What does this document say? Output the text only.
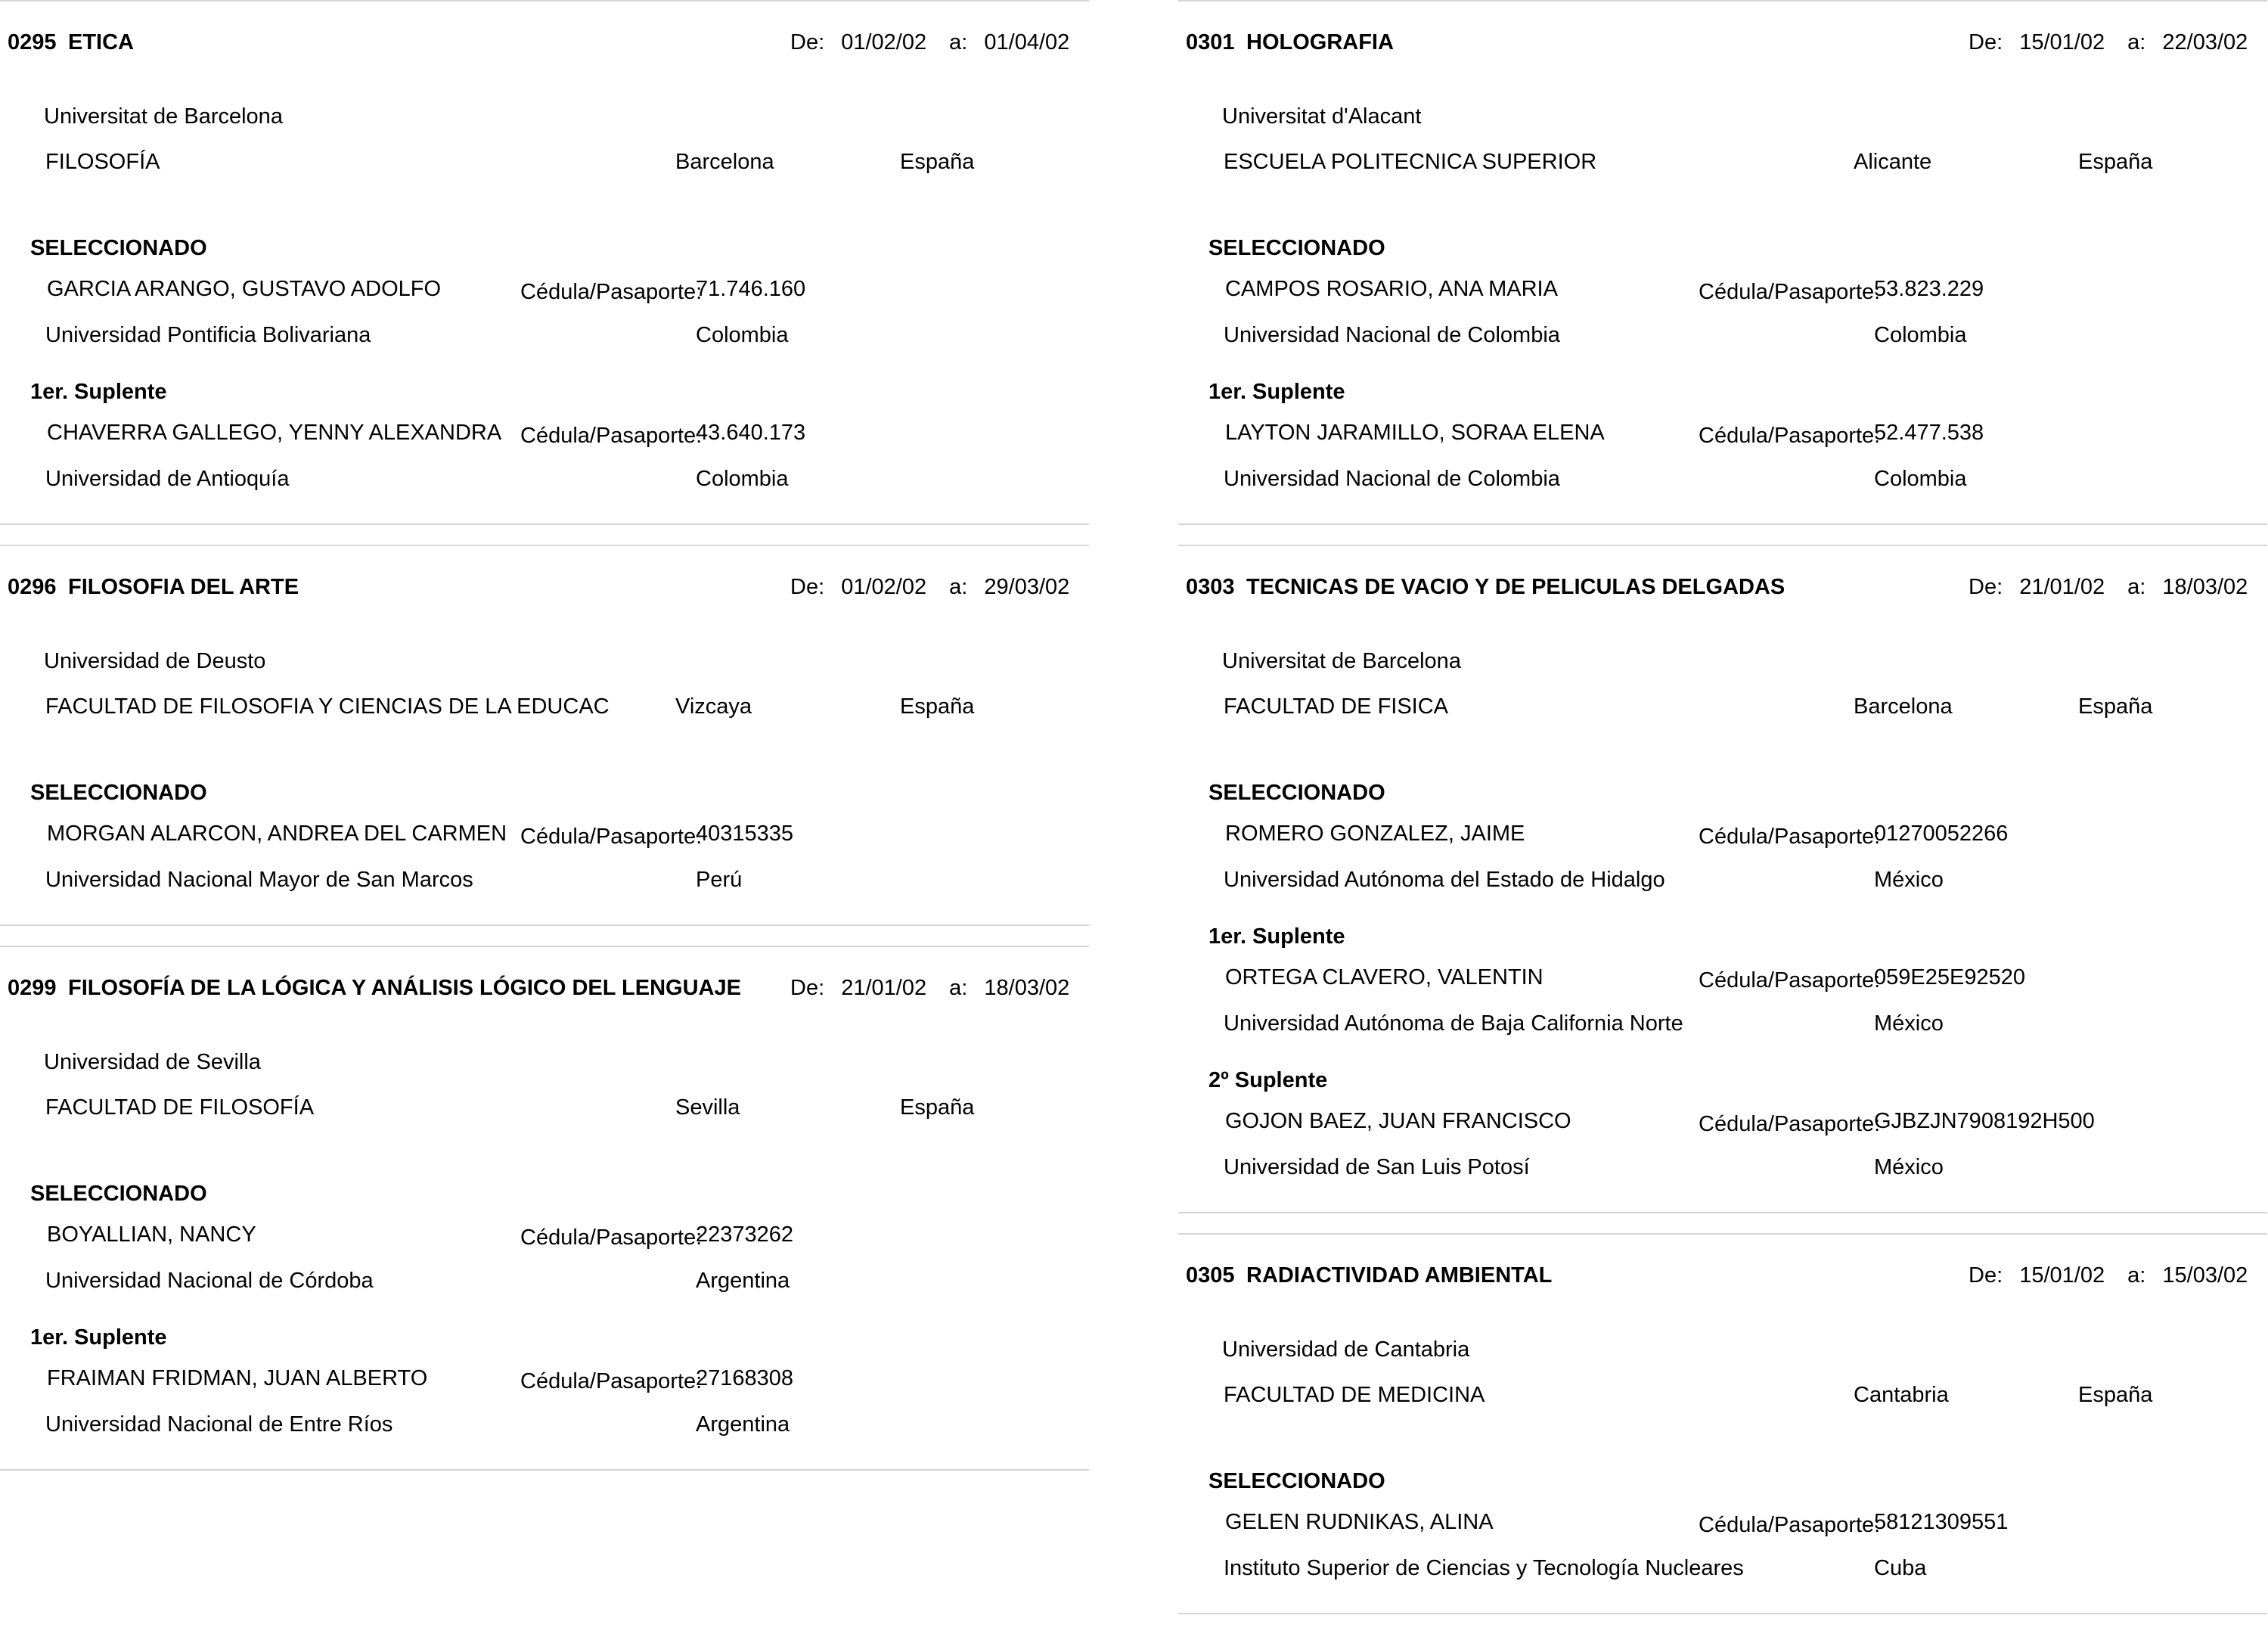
0295 ETICA	De: 01/02/02 a: 01/04/02
Universitat de Barcelona
FILOSOFÍA	Barcelona	España
SELECCIONADO
GARCIA ARANGO, GUSTAVO ADOLFO	Cédula/Pasaporte:
71.746.160
Universidad Pontificia Bolivariana	Colombia
1er. Suplente
CHAVERRA GALLEGO, YENNY ALEXANDRA Cédula/Pasaporte:
43.640.173
Universidad de Antioquía	Colombia
0296 FILOSOFIA DEL ARTE	De: 01/02/02 a: 29/03/02
Universidad de Deusto
FACULTAD DE FILOSOFIA Y CIENCIAS DE LA EDUCAC	Vizcaya	España
SELECCIONADO
MORGAN ALARCON, ANDREA DEL CARMEN Cédula/Pasaporte:
40315335
Universidad Nacional Mayor de San Marcos	Perú
0299 FILOSOFÍA DE LA LÓGICA Y ANÁLISIS LÓGICO DEL LENGUAJE De: 21/01/02 a: 18/03/02
Universidad de Sevilla
FACULTAD DE FILOSOFÍA	Sevilla	España
SELECCIONADO
BOYALLIAN, NANCY	Cédula/Pasaporte:
22373262
Universidad Nacional de Córdoba	Argentina
1er. Suplente
FRAIMAN FRIDMAN, JUAN ALBERTO	Cédula/Pasaporte:
27168308
Universidad Nacional de Entre Ríos	Argentina
0301 HOLOGRAFIA	De: 15/01/02 a: 22/03/02
Universitat d'Alacant
ESCUELA POLITECNICA SUPERIOR	Alicante	España
SELECCIONADO
CAMPOS ROSARIO, ANA MARIA	Cédula/Pasaporte:
53.823.229
Universidad Nacional de Colombia	Colombia
1er. Suplente
LAYTON JARAMILLO, SORAA ELENA	Cédula/Pasaporte:
52.477.538
Universidad Nacional de Colombia	Colombia
0303 TECNICAS DE VACIO Y DE PELICULAS DELGADAS	De: 21/01/02 a: 18/03/02
Universitat de Barcelona
FACULTAD DE FISICA	Barcelona	España
SELECCIONADO
ROMERO GONZALEZ, JAIME	Cédula/Pasaporte:
01270052266
Universidad Autónoma del Estado de Hidalgo	México
1er. Suplente
ORTEGA CLAVERO, VALENTIN	Cédula/Pasaporte:
059E25E92520
Universidad Autónoma de Baja California Norte	México
2º Suplente
GOJON BAEZ, JUAN FRANCISCO	Cédula/Pasaporte:
GJBZJN7908192H500
Universidad de San Luis Potosí	México
0305 RADIACTIVIDAD AMBIENTAL	De: 15/01/02 a: 15/03/02
Universidad de Cantabria
FACULTAD DE MEDICINA	Cantabria	España
SELECCIONADO
GELEN RUDNIKAS, ALINA	Cédula/Pasaporte:
58121309551
Instituto Superior de Ciencias y Tecnología Nucleares	Cuba
